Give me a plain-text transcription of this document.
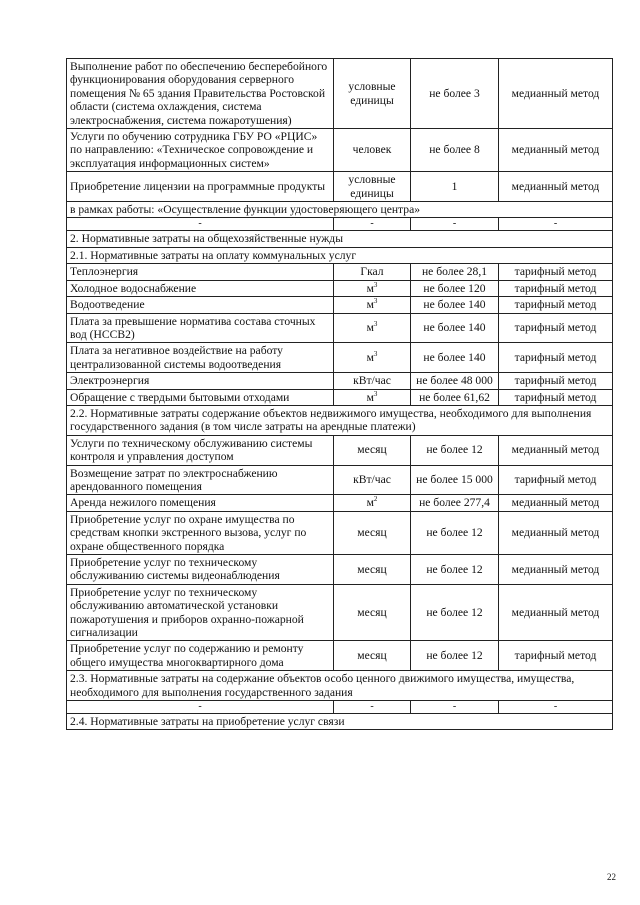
Выполнение работ по обеспечению бесперебойного функционирования оборудования серверного помещения № 65 здания Правительства Ростовской области (система охлаждения, система электроснабжения, система пожаротушения)	условные единицы	не более 3	медианный метод
Услуги по обучению сотрудника ГБУ РО «РЦИС» по направлению: «Техническое сопровождение и эксплуатация информационных систем»	человек	не более 8	медианный метод
Приобретение лицензии на программные продукты	условные единицы	1	медианный метод
в рамках работы: «Осуществление функции удостоверяющего центра»			
-	-	-	-
2. Нормативные затраты на общехозяйственные нужды			
2.1. Нормативные затраты на оплату коммунальных услуг			
Теплоэнергия	Гкал	не более 28,1	тарифный метод
Холодное водоснабжение	$м^3$	не более 120	тарифный метод
Водоотведение	$м^3$	не более 140	тарифный метод
Плата за превышение норматива состава сточных вод (НССВ2)	$м^3$	не более 140	тарифный метод
Плата за негативное воздействие на работу централизованной системы водоотведения	$м^3$	не более 140	тарифный метод
Электроэнергия	кВт/час	не более 48 000	тарифный метод
Обращение с твердыми бытовыми отходами	$м^3$	не более 61,62	тарифный метод
2.2. Нормативные затраты содержание объектов недвижимого имущества, необходимого для выполнения государственного задания (в том числе затраты на арендные платежи)			
Услуги по техническому обслуживанию системы контроля и управления доступом	месяц	не более 12	медианный метод
Возмещение затрат по электроснабжению арендованного помещения	кВт/час	не более 15 000	тарифный метод
Аренда нежилого помещения	$м^2$	не более 277,4	медианный метод
Приобретение услуг по охране имущества по средствам кнопки экстренного вызова, услуг по охране общественного порядка	месяц	не более 12	медианный метод
Приобретение услуг по техническому обслуживанию системы видеонаблюдения	месяц	не более 12	медианный метод
Приобретение услуг по техническому обслуживанию автоматической установки пожаротушения и приборов охранно-пожарной сигнализации	месяц	не более 12	медианный метод
Приобретение услуг по содержанию и ремонту общего имущества многоквартирного дома	месяц	не более 12	тарифный метод
2.3. Нормативные затраты на содержание объектов особо ценного движимого имущества, имущества, необходимого для выполнения государственного задания			
-	-	-	-
2.4. Нормативные затраты на приобретение услуг связи			
22
